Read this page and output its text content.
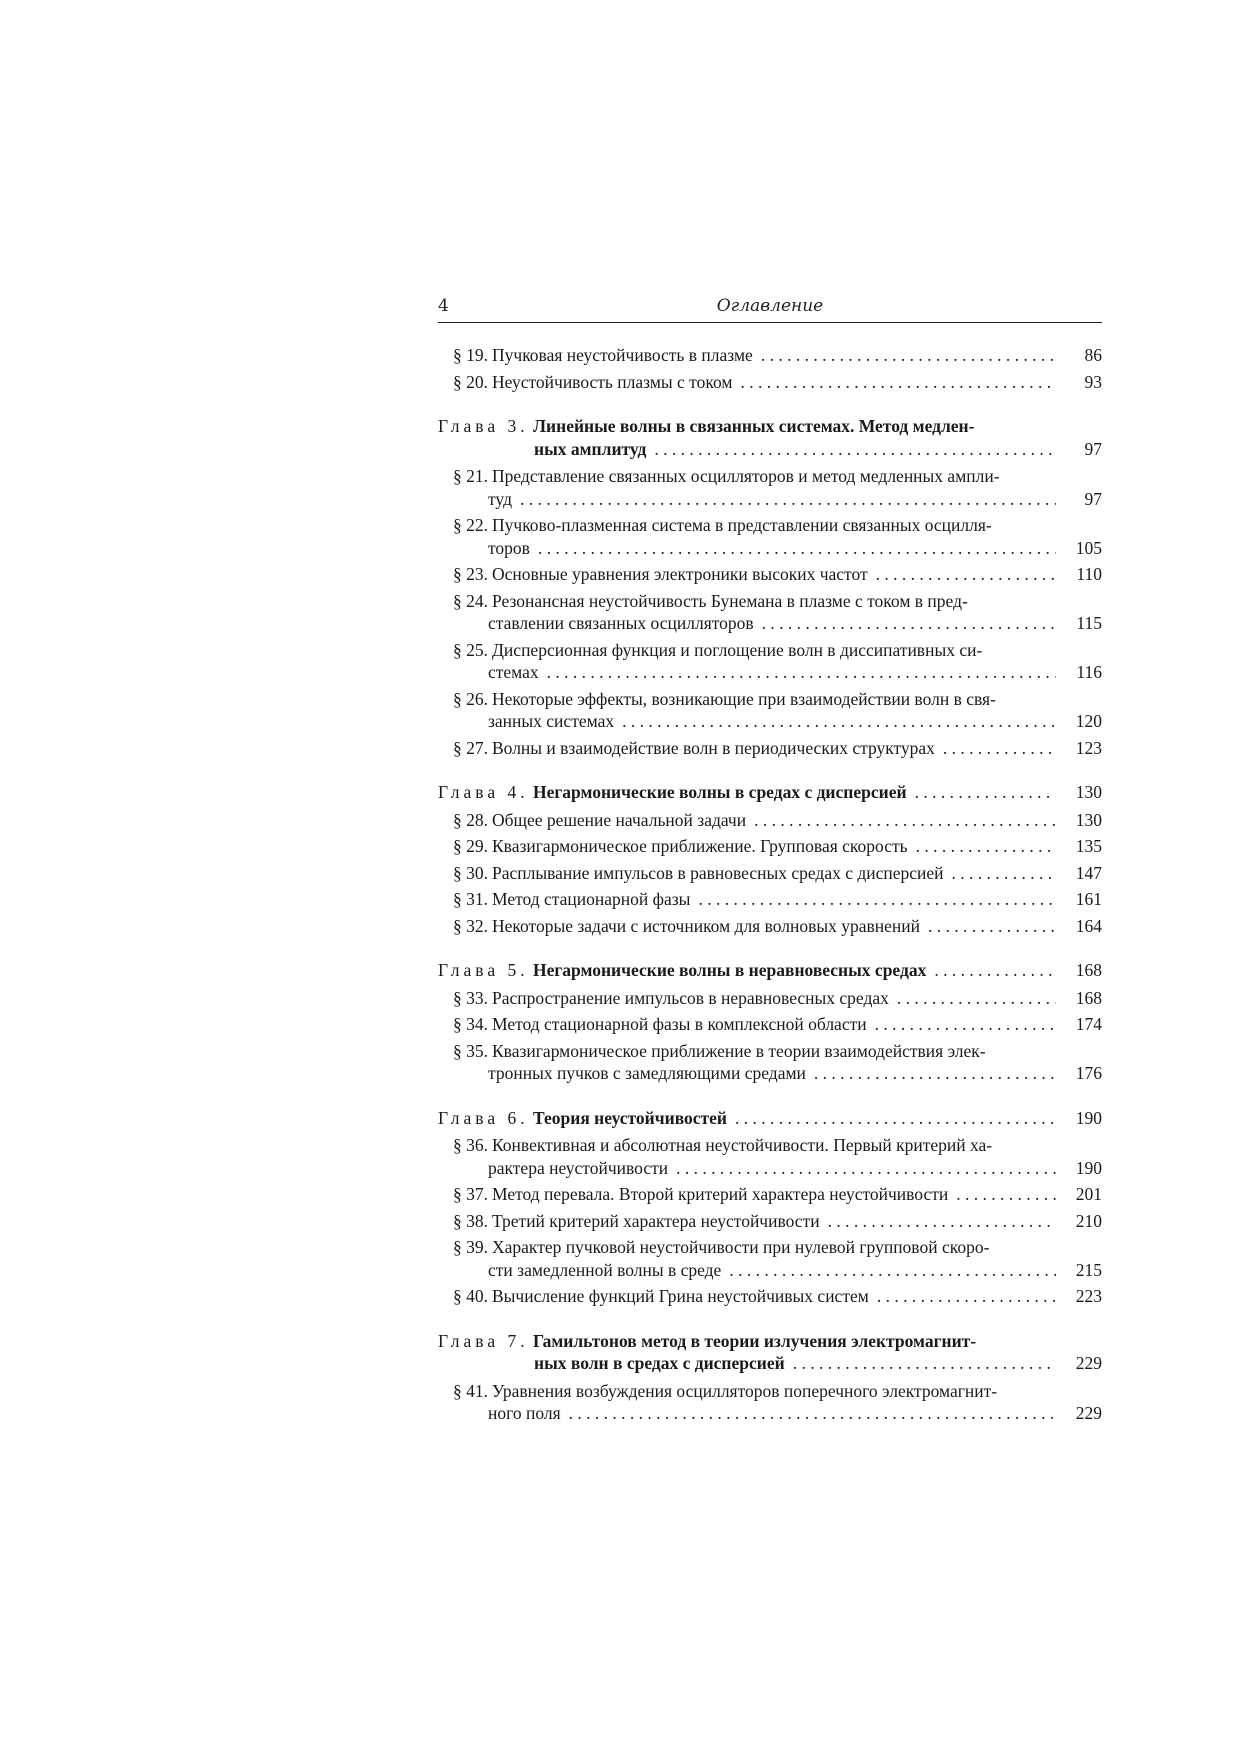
4	Оглавление
§ 19. Пучковая неустойчивость в плазме . . .	86
§ 20. Неустойчивость плазмы с током . . .	93
Глава 3. Линейные волны в связанных системах. Метод медлен-
ных амплитуд . . .	97
§ 21. Представление связанных осцилляторов и метод медленных ампли-
туд . . .	97
§ 22. Пучково-плазменная система в представлении связанных осцилля-
торов . . .	105
§ 23. Основные уравнения электроники высоких частот . . .	110
§ 24. Резонансная неустойчивость Бунемана в плазме с током в пред-
ставлении связанных осцилляторов . . .	115
§ 25. Дисперсионная функция и поглощение волн в диссипативных си-
стемах . . .	116
§ 26. Некоторые эффекты, возникающие при взаимодействии волн в свя-
занных системах . . .	120
§ 27. Волны и взаимодействие волн в периодических структурах . . .	123
Глава 4. Негармонические волны в средах с дисперсией . . .	130
§ 28. Общее решение начальной задачи . . .	130
§ 29. Квазигармоническое приближение. Групповая скорость . . .	135
§ 30. Расплывание импульсов в равновесных средах с дисперсией . . .	147
§ 31. Метод стационарной фазы . . .	161
§ 32. Некоторые задачи с источником для волновых уравнений . . .	164
Глава 5. Негармонические волны в неравновесных средах . . .	168
§ 33. Распространение импульсов в неравновесных средах . . .	168
§ 34. Метод стационарной фазы в комплексной области . . .	174
§ 35. Квазигармоническое приближение в теории взаимодействия элек-
тронных пучков с замедляющими средами . . .	176
Глава 6. Теория неустойчивостей . . .	190
§ 36. Конвективная и абсолютная неустойчивости. Первый критерий ха-
рактера неустойчивости . . .	190
§ 37. Метод перевала. Второй критерий характера неустойчивости . . .	201
§ 38. Третий критерий характера неустойчивости . . .	210
§ 39. Характер пучковой неустойчивости при нулевой групповой скоро-
сти замедленной волны в среде . . .	215
§ 40. Вычисление функций Грина неустойчивых систем . . .	223
Глава 7. Гамильтонов метод в теории излучения электромагнит-
ных волн в средах с дисперсией . . .	229
§ 41. Уравнения возбуждения осцилляторов поперечного электромагнит-
ного поля . . .	229
